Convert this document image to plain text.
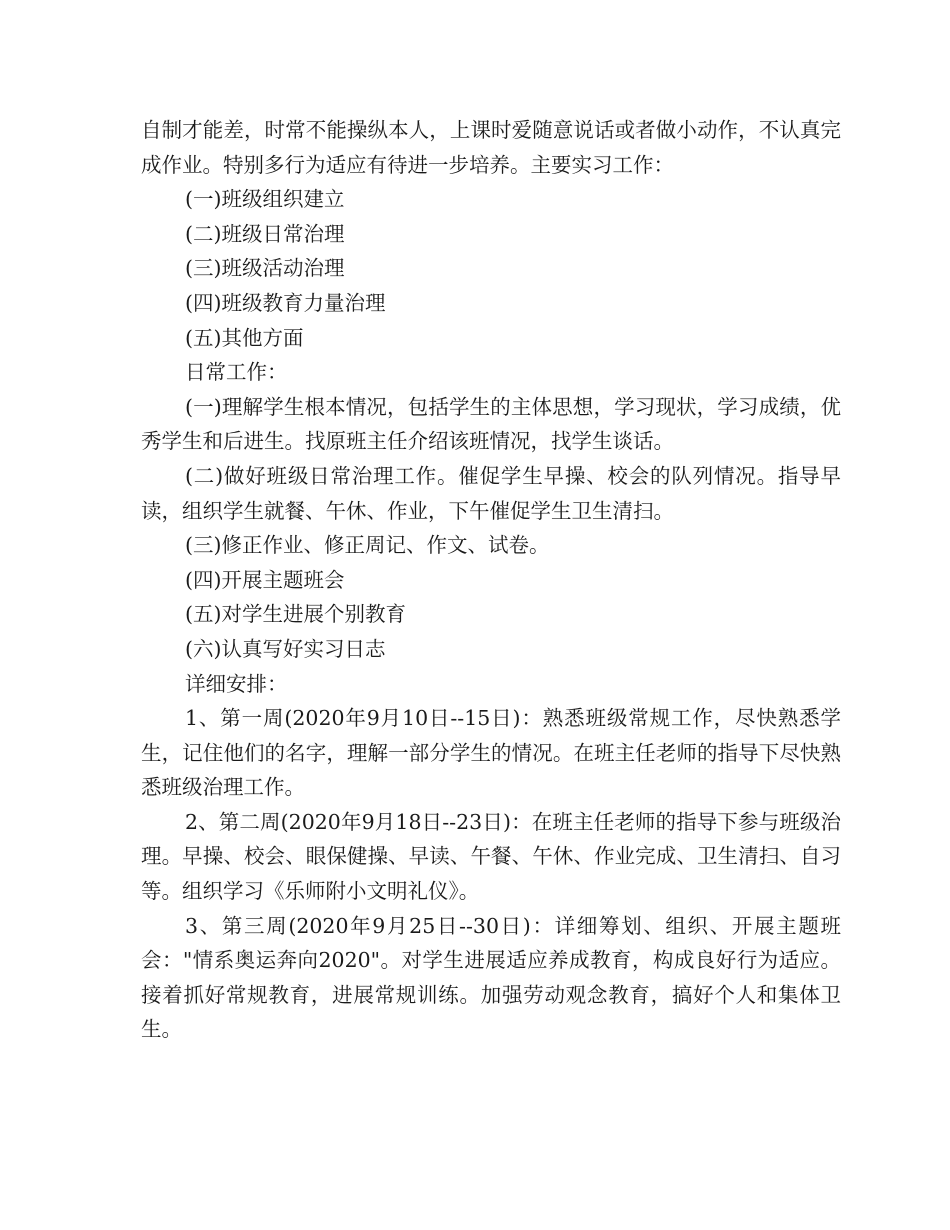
自制才能差，时常不能操纵本人，上课时爱随意说话或者做小动作，不认真完成作业。特别多行为适应有待进一步培养。主要实习工作：

(一)班级组织建立

(二)班级日常治理

(三)班级活动治理

(四)班级教育力量治理

(五)其他方面

日常工作：

(一)理解学生根本情况，包括学生的主体思想，学习现状，学习成绩，优秀学生和后进生。找原班主任介绍该班情况，找学生谈话。

(二)做好班级日常治理工作。催促学生早操、校会的队列情况。指导早读，组织学生就餐、午休、作业，下午催促学生卫生清扫。

(三)修正作业、修正周记、作文、试卷。

(四)开展主题班会

(五)对学生进展个别教育

(六)认真写好实习日志

详细安排：

1、第一周(2020年9月10日--15日)：熟悉班级常规工作，尽快熟悉学生，记住他们的名字，理解一部分学生的情况。在班主任老师的指导下尽快熟悉班级治理工作。

2、第二周(2020年9月18日--23日)：在班主任老师的指导下参与班级治理。早操、校会、眼保健操、早读、午餐、午休、作业完成、卫生清扫、自习等。组织学习《乐师附小文明礼仪》。

3、第三周(2020年9月25日--30日)：详细筹划、组织、开展主题班会："情系奥运奔向2020"。对学生进展适应养成教育，构成良好行为适应。接着抓好常规教育，进展常规训练。加强劳动观念教育，搞好个人和集体卫生。
